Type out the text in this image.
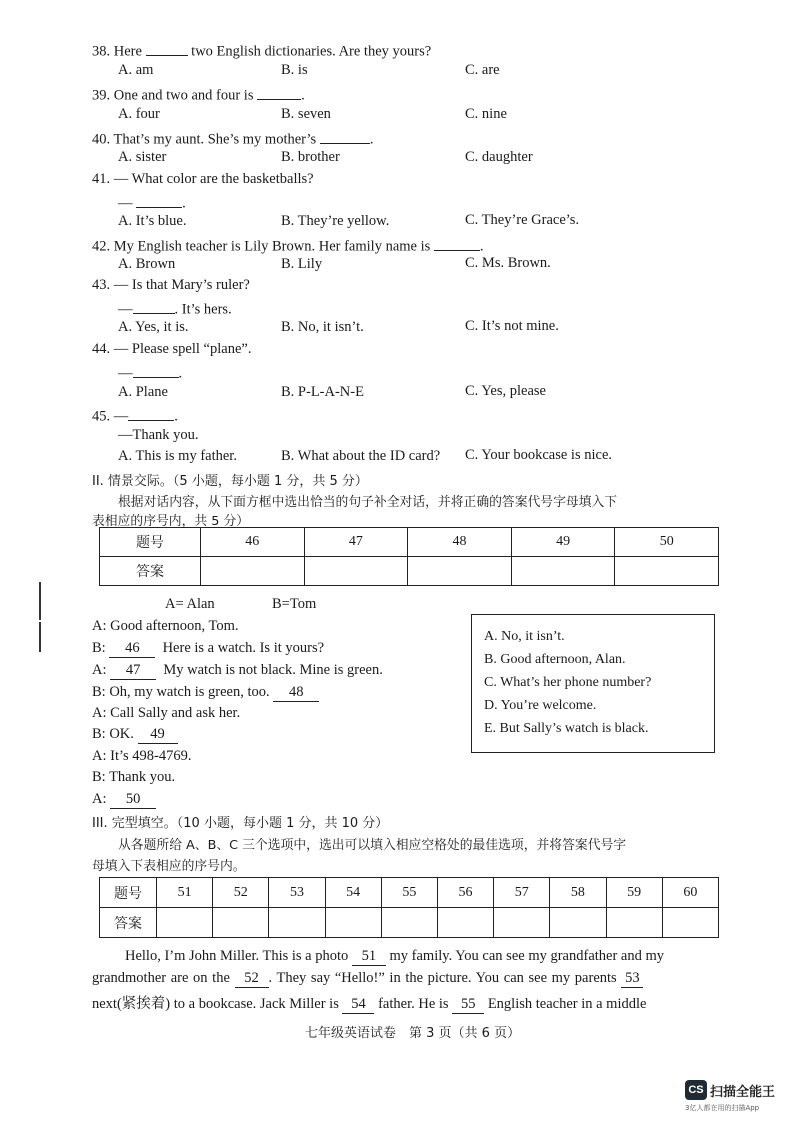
38. Here	two English dictionaries. Are they yours?
A. am	B. is	C. are
39. One and two and four is	.
A. four	B. seven	C. nine
40. That’s my aunt. She’s my mother’s	.
A. sister	B. brother	C. daughter
41. — What color are the basketballs?
—	.
A. It’s blue.	B. They’re yellow.	C. They’re Grace’s.
42. My English teacher is Lily Brown. Her family name is	.
A. Brown	B. Lily	C. Ms. Brown.
43. — Is that Mary’s ruler?
—	. It’s hers.
A. Yes, it is.	B. No, it isn’t.	C. It’s not mine.
44. — Please spell “plane”.
—	.
A. Plane	B. P-L-A-N-E	C. Yes, please
45. —	.
—Thank you.
A. This is my father.	B. What about the ID card? C. Your bookcase is nice.
II. 情景交际。（5 小题，每小题 1 分，共 5 分）
根据对话内容，从下面方框中选出恰当的句子补全对话，并将正确的答案代号字母填入下
表相应的序号内，共 5 分）
题号	46	47	48	49	50
答案					
A= Alan	B=Tom
A: Good afternoon, Tom.
B: 46 Here is a watch. Is it yours?
A: 47 My watch is not black. Mine is green.
B: Oh, my watch is green, too. 48
A: Call Sally and ask her.
B: OK. 49
A: It’s 498-4769.
B: Thank you.
A: 50
A. No, it isn’t.
B. Good afternoon, Alan.
C. What’s her phone number?
D. You’re welcome.
E. But Sally’s watch is black.
III. 完型填空。（10 小题，每小题 1 分，共 10 分）
从各题所给 A、B、C 三个选项中，选出可以填入相应空格处的最佳选项，并将答案代号字
母填入下表相应的序号内。
题号	51	52	53	54	55	56	57	58	59	60
答案										
Hello, I’m John Miller. This is a photo 51 my family. You can see my grandfather and my
grandmother are on the 52 . They say “Hello!” in the picture. You can see my parents 53
next(紧挨着) to a bookcase. Jack Miller is 54 father. He is 55 English teacher in a middle
七年级英语试卷　第 3 页（共 6 页）
CS 扫描全能王
3亿人都在用的扫描App
